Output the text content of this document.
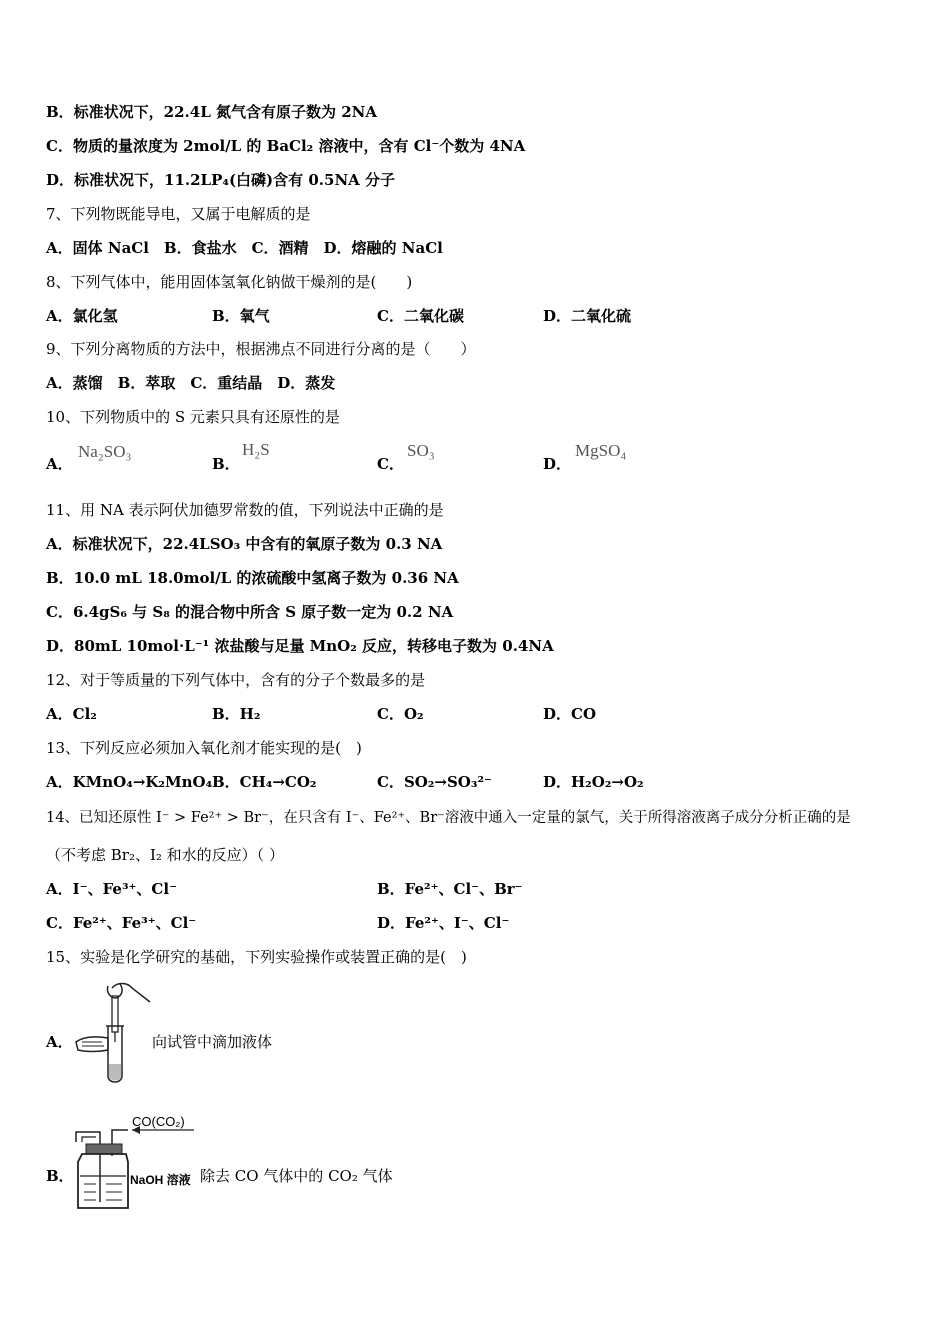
B．标准状况下，22.4L 氮气含有原子数为 2NA
C．物质的量浓度为 2mol/L 的 BaCl₂ 溶液中，含有 Cl⁻个数为 4NA
D．标准状况下，11.2LP₄(白磷)含有 0.5NA 分子
7、下列物既能导电，又属于电解质的是
A．固体 NaCl　B．食盐水　C．酒精　D．熔融的 NaCl
8、下列气体中，能用固体氢氧化钠做干燥剂的是(　　)
A．氯化氢	B．氧气	C．二氧化碳	D．二氧化硫
9、下列分离物质的方法中，根据沸点不同进行分离的是（　　）
A．蒸馏　B．萃取　C．重结晶　D．蒸发
10、下列物质中的 S 元素只具有还原性的是
A．
Na₂SO₃
B．
H₂S
C．
SO₃
D．
MgSO₄
11、用 NA 表示阿伏加德罗常数的值，下列说法中正确的是
A．标准状况下，22.4LSO₃ 中含有的氧原子数为 0.3 NA
B．10.0 mL 18.0mol/L 的浓硫酸中氢离子数为 0.36 NA
C．6.4gS₆ 与 S₈ 的混合物中所含 S 原子数一定为 0.2 NA
D．80mL 10mol·L⁻¹ 浓盐酸与足量 MnO₂ 反应，转移电子数为 0.4NA
12、对于等质量的下列气体中，含有的分子个数最多的是
A．Cl₂	B．H₂	C．O₂	D．CO
13、下列反应必须加入氧化剂才能实现的是(　)
A．KMnO₄→K₂MnO₄ B．CH₄→CO₂	C．SO₂→SO₃²⁻	D．H₂O₂→O₂
14、已知还原性 I⁻ > Fe²⁺ > Br⁻，在只含有 I⁻、Fe²⁺、Br⁻溶液中通入一定量的氯气，关于所得溶液离子成分分析正确的是
（不考虑 Br₂、I₂ 和水的反应）（ ）
A．I⁻、Fe³⁺、Cl⁻	B．Fe²⁺、Cl⁻、Br⁻
C．Fe²⁺、Fe³⁺、Cl⁻	D．Fe²⁺、I⁻、Cl⁻
15、实验是化学研究的基础，下列实验操作或装置正确的是(　)
A．	向试管中滴加液体
B．
CO(CO₂)
NaOH 溶液 除去 CO 气体中的 CO₂ 气体
